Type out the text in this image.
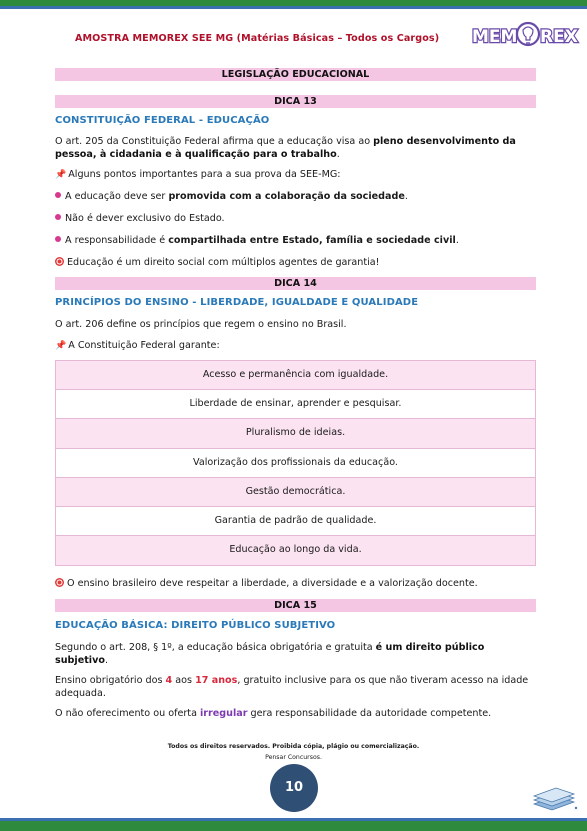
AMOSTRA MEMOREX SEE MG (Matérias Básicas – Todos os Cargos) MEM REX
LEGISLAÇÃO EDUCACIONAL
DICA 13
CONSTITUIÇÃO FEDERAL - EDUCAÇÃO
O art. 205 da Constituição Federal afirma que a educação visa ao pleno desenvolvimento da pessoa, à cidadania e à qualificação para o trabalho.
📌 Alguns pontos importantes para a sua prova da SEE-MG:
A educação deve ser promovida com a colaboração da sociedade.
Não é dever exclusivo do Estado.
A responsabilidade é compartilhada entre Estado, família e sociedade civil.
Educação é um direito social com múltiplos agentes de garantia!
DICA 14
PRINCÍPIOS DO ENSINO - LIBERDADE, IGUALDADE E QUALIDADE
O art. 206 define os princípios que regem o ensino no Brasil.
📌 A Constituição Federal garante:
Acesso e permanência com igualdade.
Liberdade de ensinar, aprender e pesquisar.
Pluralismo de ideias.
Valorização dos profissionais da educação.
Gestão democrática.
Garantia de padrão de qualidade.
Educação ao longo da vida.
O ensino brasileiro deve respeitar a liberdade, a diversidade e a valorização docente.
DICA 15
EDUCAÇÃO BÁSICA: DIREITO PÚBLICO SUBJETIVO
Segundo o art. 208, § 1º, a educação básica obrigatória e gratuita é um direito público subjetivo.
Ensino obrigatório dos 4 aos 17 anos, gratuito inclusive para os que não tiveram acesso na idade adequada.
O não oferecimento ou oferta irregular gera responsabilidade da autoridade competente.
Todos os direitos reservados. Proibida cópia, plágio ou comercialização.
Pensar Concursos.
10
